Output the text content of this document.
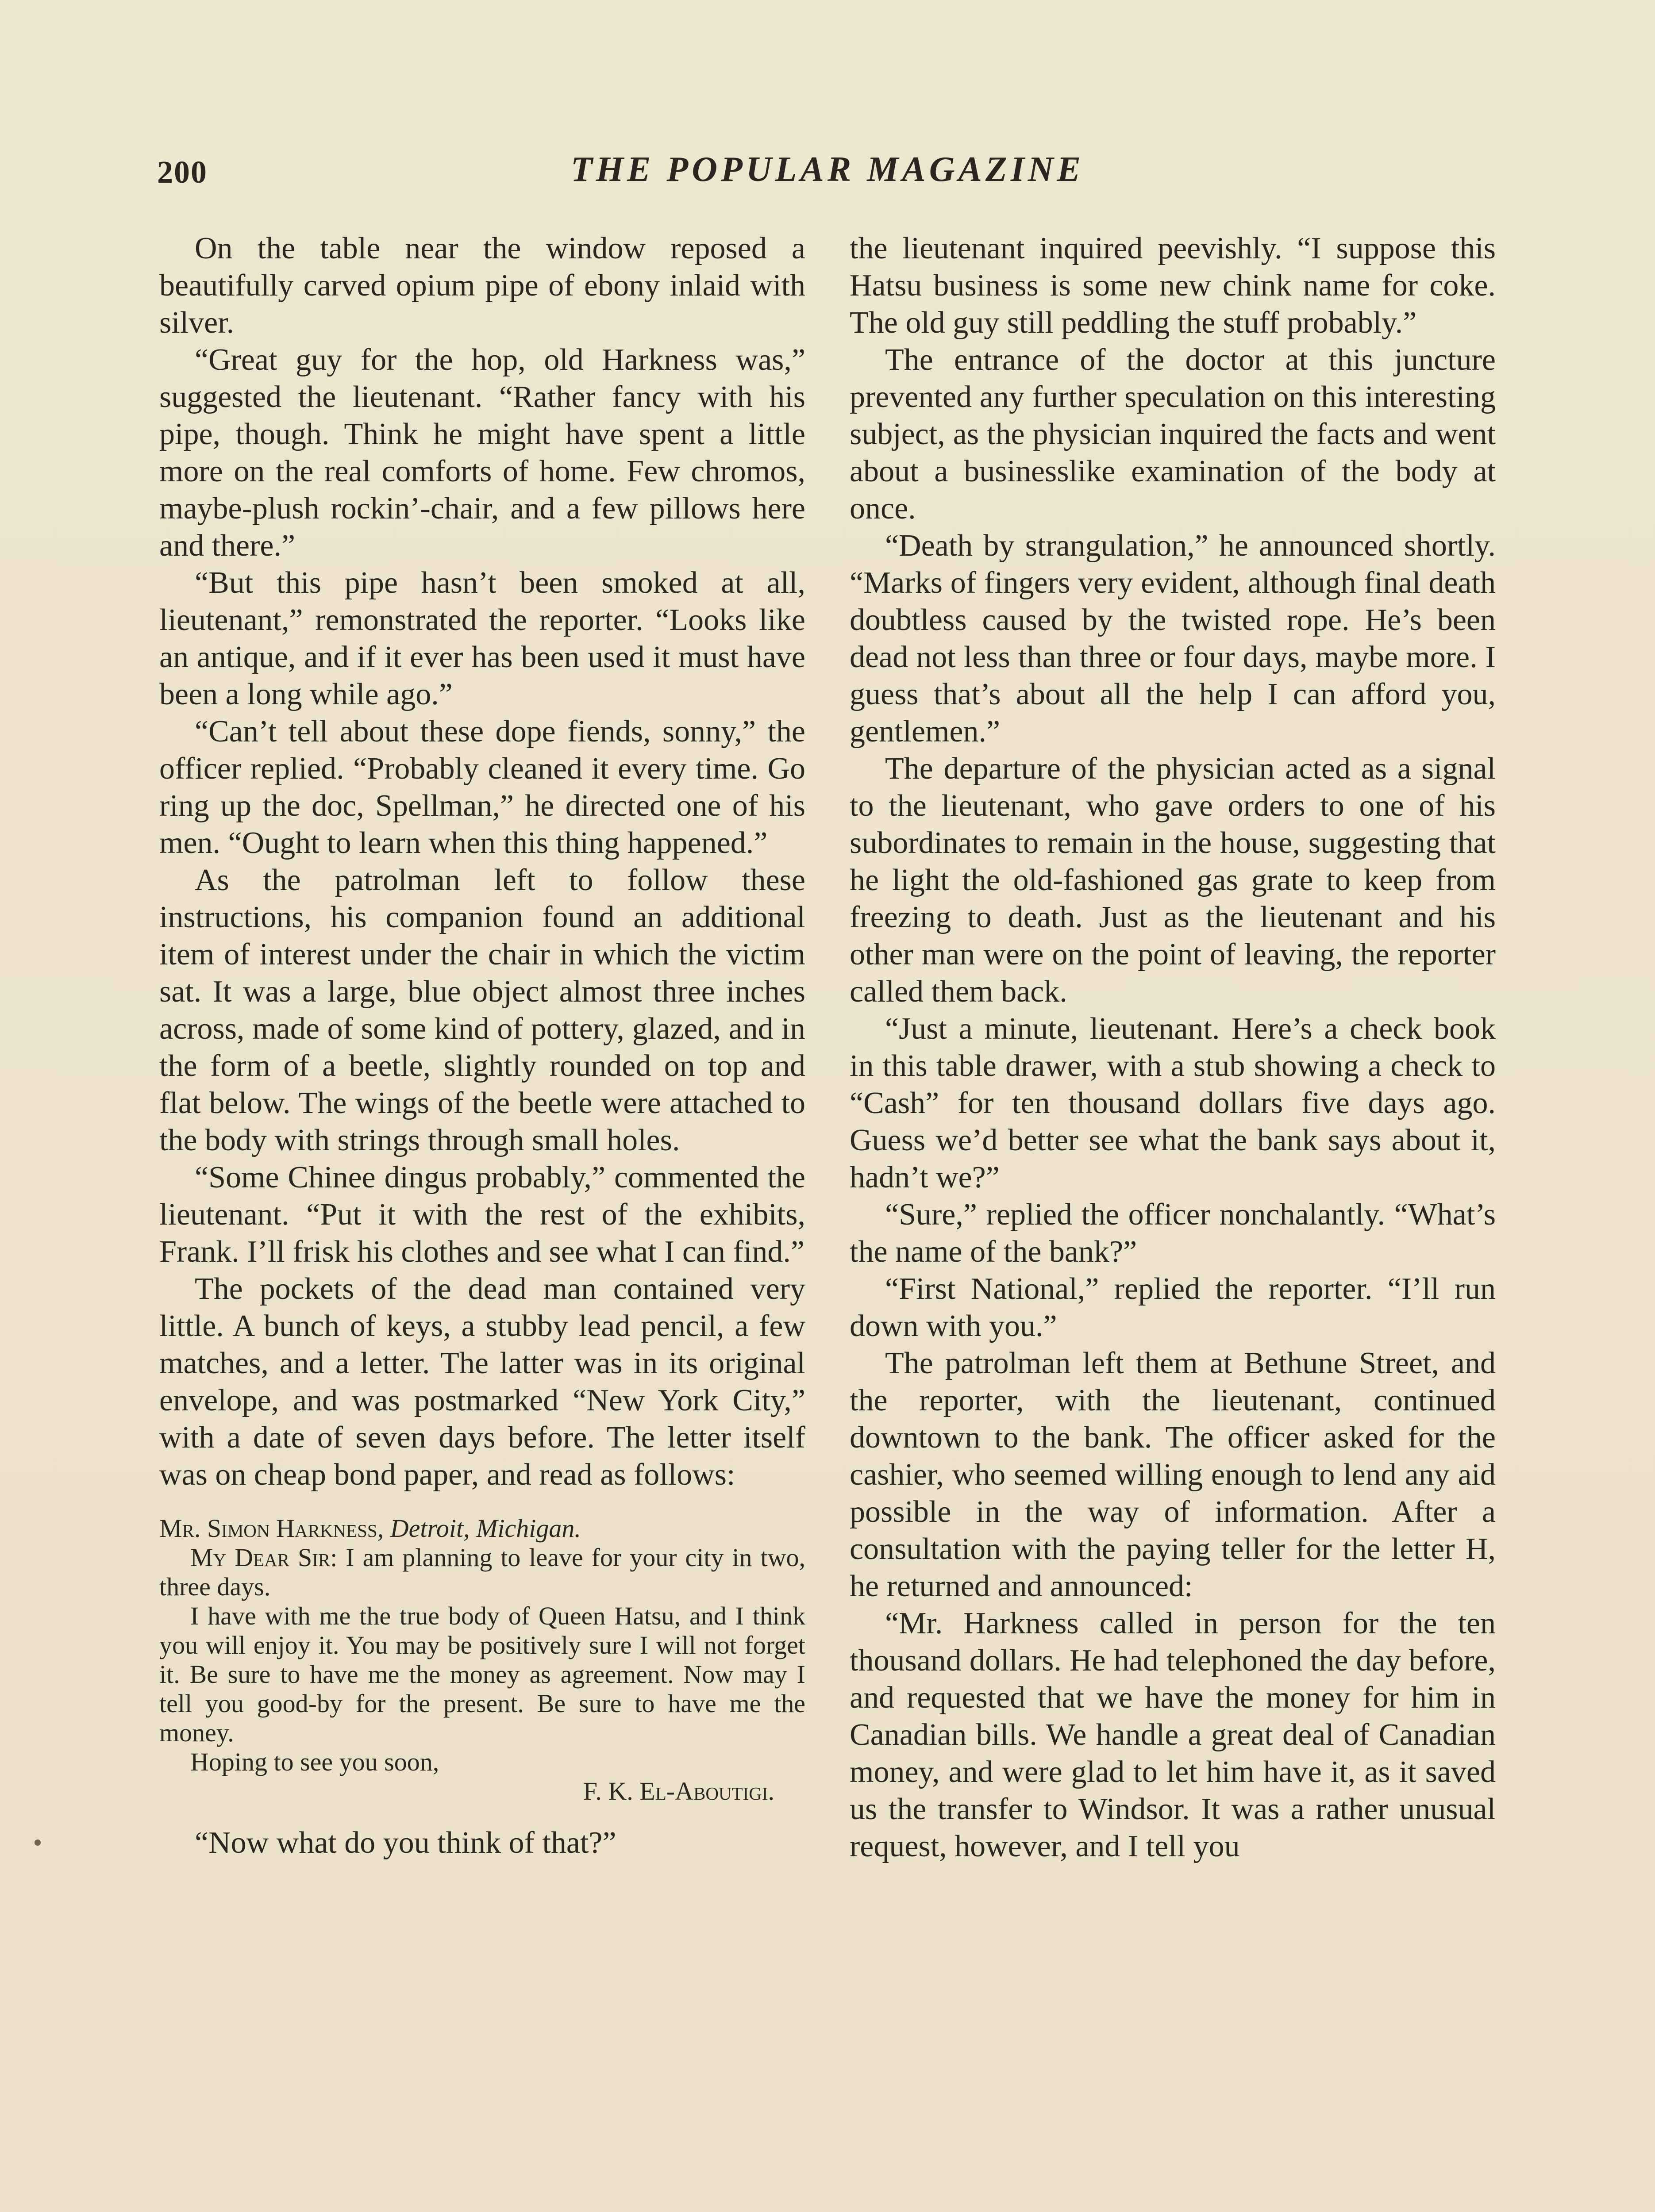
200	THE POPULAR MAGAZINE

On the table near the window reposed a beautifully carved opium pipe of ebony inlaid with silver.

“Great guy for the hop, old Harkness was,” suggested the lieutenant. “Rather fancy with his pipe, though. Think he might have spent a little more on the real comforts of home. Few chromos, maybe-plush rockin’-chair, and a few pillows here and there.”

“But this pipe hasn’t been smoked at all, lieutenant,” remonstrated the reporter. “Looks like an antique, and if it ever has been used it must have been a long while ago.”

“Can’t tell about these dope fiends, sonny,” the officer replied. “Probably cleaned it every time. Go ring up the doc, Spellman,” he directed one of his men. “Ought to learn when this thing happened.”

As the patrolman left to follow these instructions, his companion found an additional item of interest under the chair in which the victim sat. It was a large, blue object almost three inches across, made of some kind of pottery, glazed, and in the form of a beetle, slightly rounded on top and flat below. The wings of the beetle were attached to the body with strings through small holes.

“Some Chinee dingus probably,” commented the lieutenant. “Put it with the rest of the exhibits, Frank. I’ll frisk his clothes and see what I can find.”

The pockets of the dead man contained very little. A bunch of keys, a stubby lead pencil, a few matches, and a letter. The latter was in its original envelope, and was postmarked “New York City,” with a date of seven days before. The letter itself was on cheap bond paper, and read as follows:

Mr. Simon Harkness, Detroit, Michigan.
My Dear Sir: I am planning to leave for your city in two, three days.
I have with me the true body of Queen Hatsu, and I think you will enjoy it. You may be positively sure I will not forget it. Be sure to have me the money as agreement. Now may I tell you good-by for the present. Be sure to have me the money.
Hoping to see you soon,
F. K. El-Aboutigi.

“Now what do you think of that?”

the lieutenant inquired peevishly. “I suppose this Hatsu business is some new chink name for coke. The old guy still peddling the stuff probably.”

The entrance of the doctor at this juncture prevented any further speculation on this interesting subject, as the physician inquired the facts and went about a businesslike examination of the body at once.

“Death by strangulation,” he announced shortly. “Marks of fingers very evident, although final death doubtless caused by the twisted rope. He’s been dead not less than three or four days, maybe more. I guess that’s about all the help I can afford you, gentlemen.”

The departure of the physician acted as a signal to the lieutenant, who gave orders to one of his subordinates to remain in the house, suggesting that he light the old-fashioned gas grate to keep from freezing to death. Just as the lieutenant and his other man were on the point of leaving, the reporter called them back.

“Just a minute, lieutenant. Here’s a check book in this table drawer, with a stub showing a check to “Cash” for ten thousand dollars five days ago. Guess we’d better see what the bank says about it, hadn’t we?”

“Sure,” replied the officer nonchalantly. “What’s the name of the bank?”

“First National,” replied the reporter. “I’ll run down with you.”

The patrolman left them at Bethune Street, and the reporter, with the lieutenant, continued downtown to the bank. The officer asked for the cashier, who seemed willing enough to lend any aid possible in the way of information. After a consultation with the paying teller for the letter H, he returned and announced:

“Mr. Harkness called in person for the ten thousand dollars. He had telephoned the day before, and requested that we have the money for him in Canadian bills. We handle a great deal of Canadian money, and were glad to let him have it, as it saved us the transfer to Windsor. It was a rather unusual request, however, and I tell you
